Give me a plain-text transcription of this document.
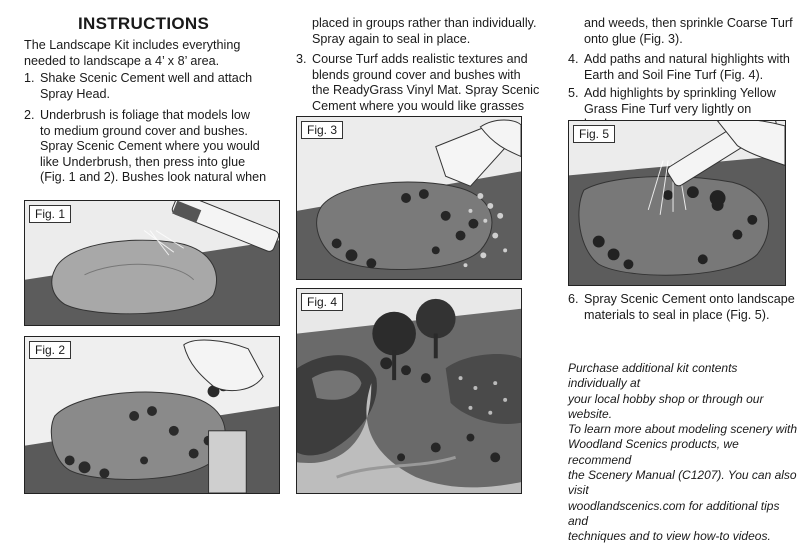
INSTRUCTIONS
The Landscape Kit includes everything
needed to landscape a 4’ x 8’ area.
1. Shake Scenic Cement well and attach
Spray Head.
2. Underbrush is foliage that models low
to medium ground cover and bushes.
Spray Scenic Cement where you would
like Underbrush, then press into glue
(Fig. 1 and 2). Bushes look natural when
Fig. 1
Fig. 2
placed in groups rather than individually.
Spray again to seal in place.
3. Course Turf adds realistic textures and
blends ground cover and bushes with
the ReadyGrass Vinyl Mat. Spray Scenic
Cement where you would like grasses
Fig. 3
Fig. 4
and weeds, then sprinkle Coarse Turf
onto glue (Fig. 3).
4. Add paths and natural highlights with
Earth and Soil Fine Turf (Fig. 4).
5. Add highlights by sprinkling Yellow
Grass Fine Turf very lightly on
Fig. 5
6. Spray Scenic Cement onto landscape
materials to seal in place (Fig. 5).
Purchase additional kit contents individually at
your local hobby shop or through our website.
To learn more about modeling scenery with
Woodland Scenics products, we recommend
the Scenery Manual (C1207). You can also visit
woodlandscenics.com for additional tips and
techniques and to view how-to videos.
